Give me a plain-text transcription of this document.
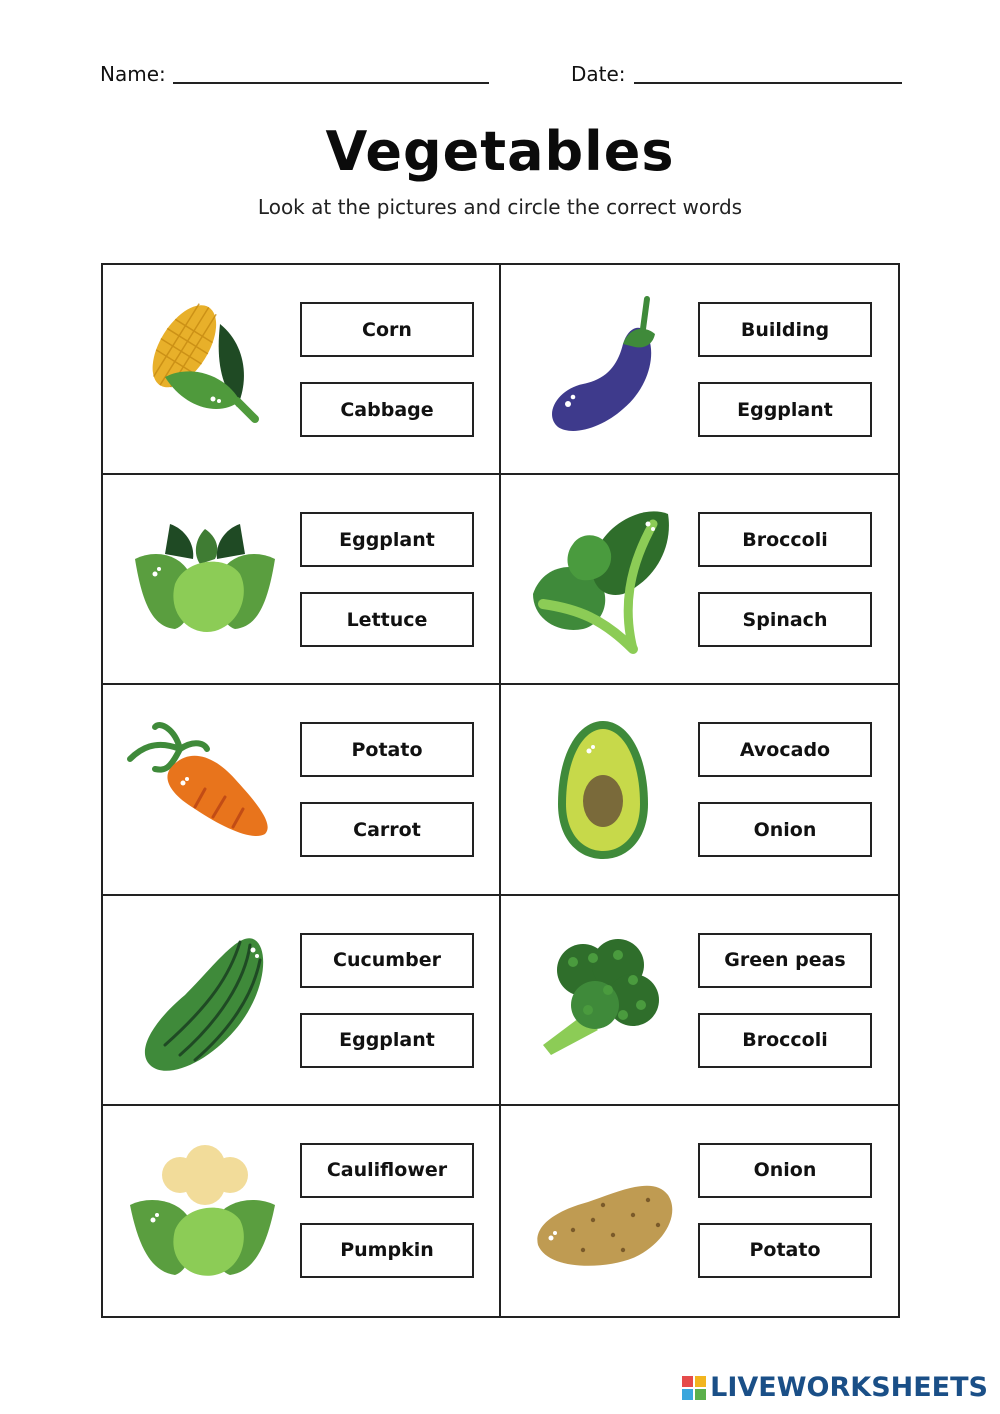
Name:	Date:
Vegetables
Look at the pictures and circle the correct words
Corn
Cabbage
Building
Eggplant
Eggplant
Lettuce
Broccoli
Spinach
Potato
Carrot
Avocado
Onion
Cucumber
Eggplant
Green peas
Broccoli
Cauliflower
Pumpkin
Onion
Potato
LIVEWORKSHEETS
